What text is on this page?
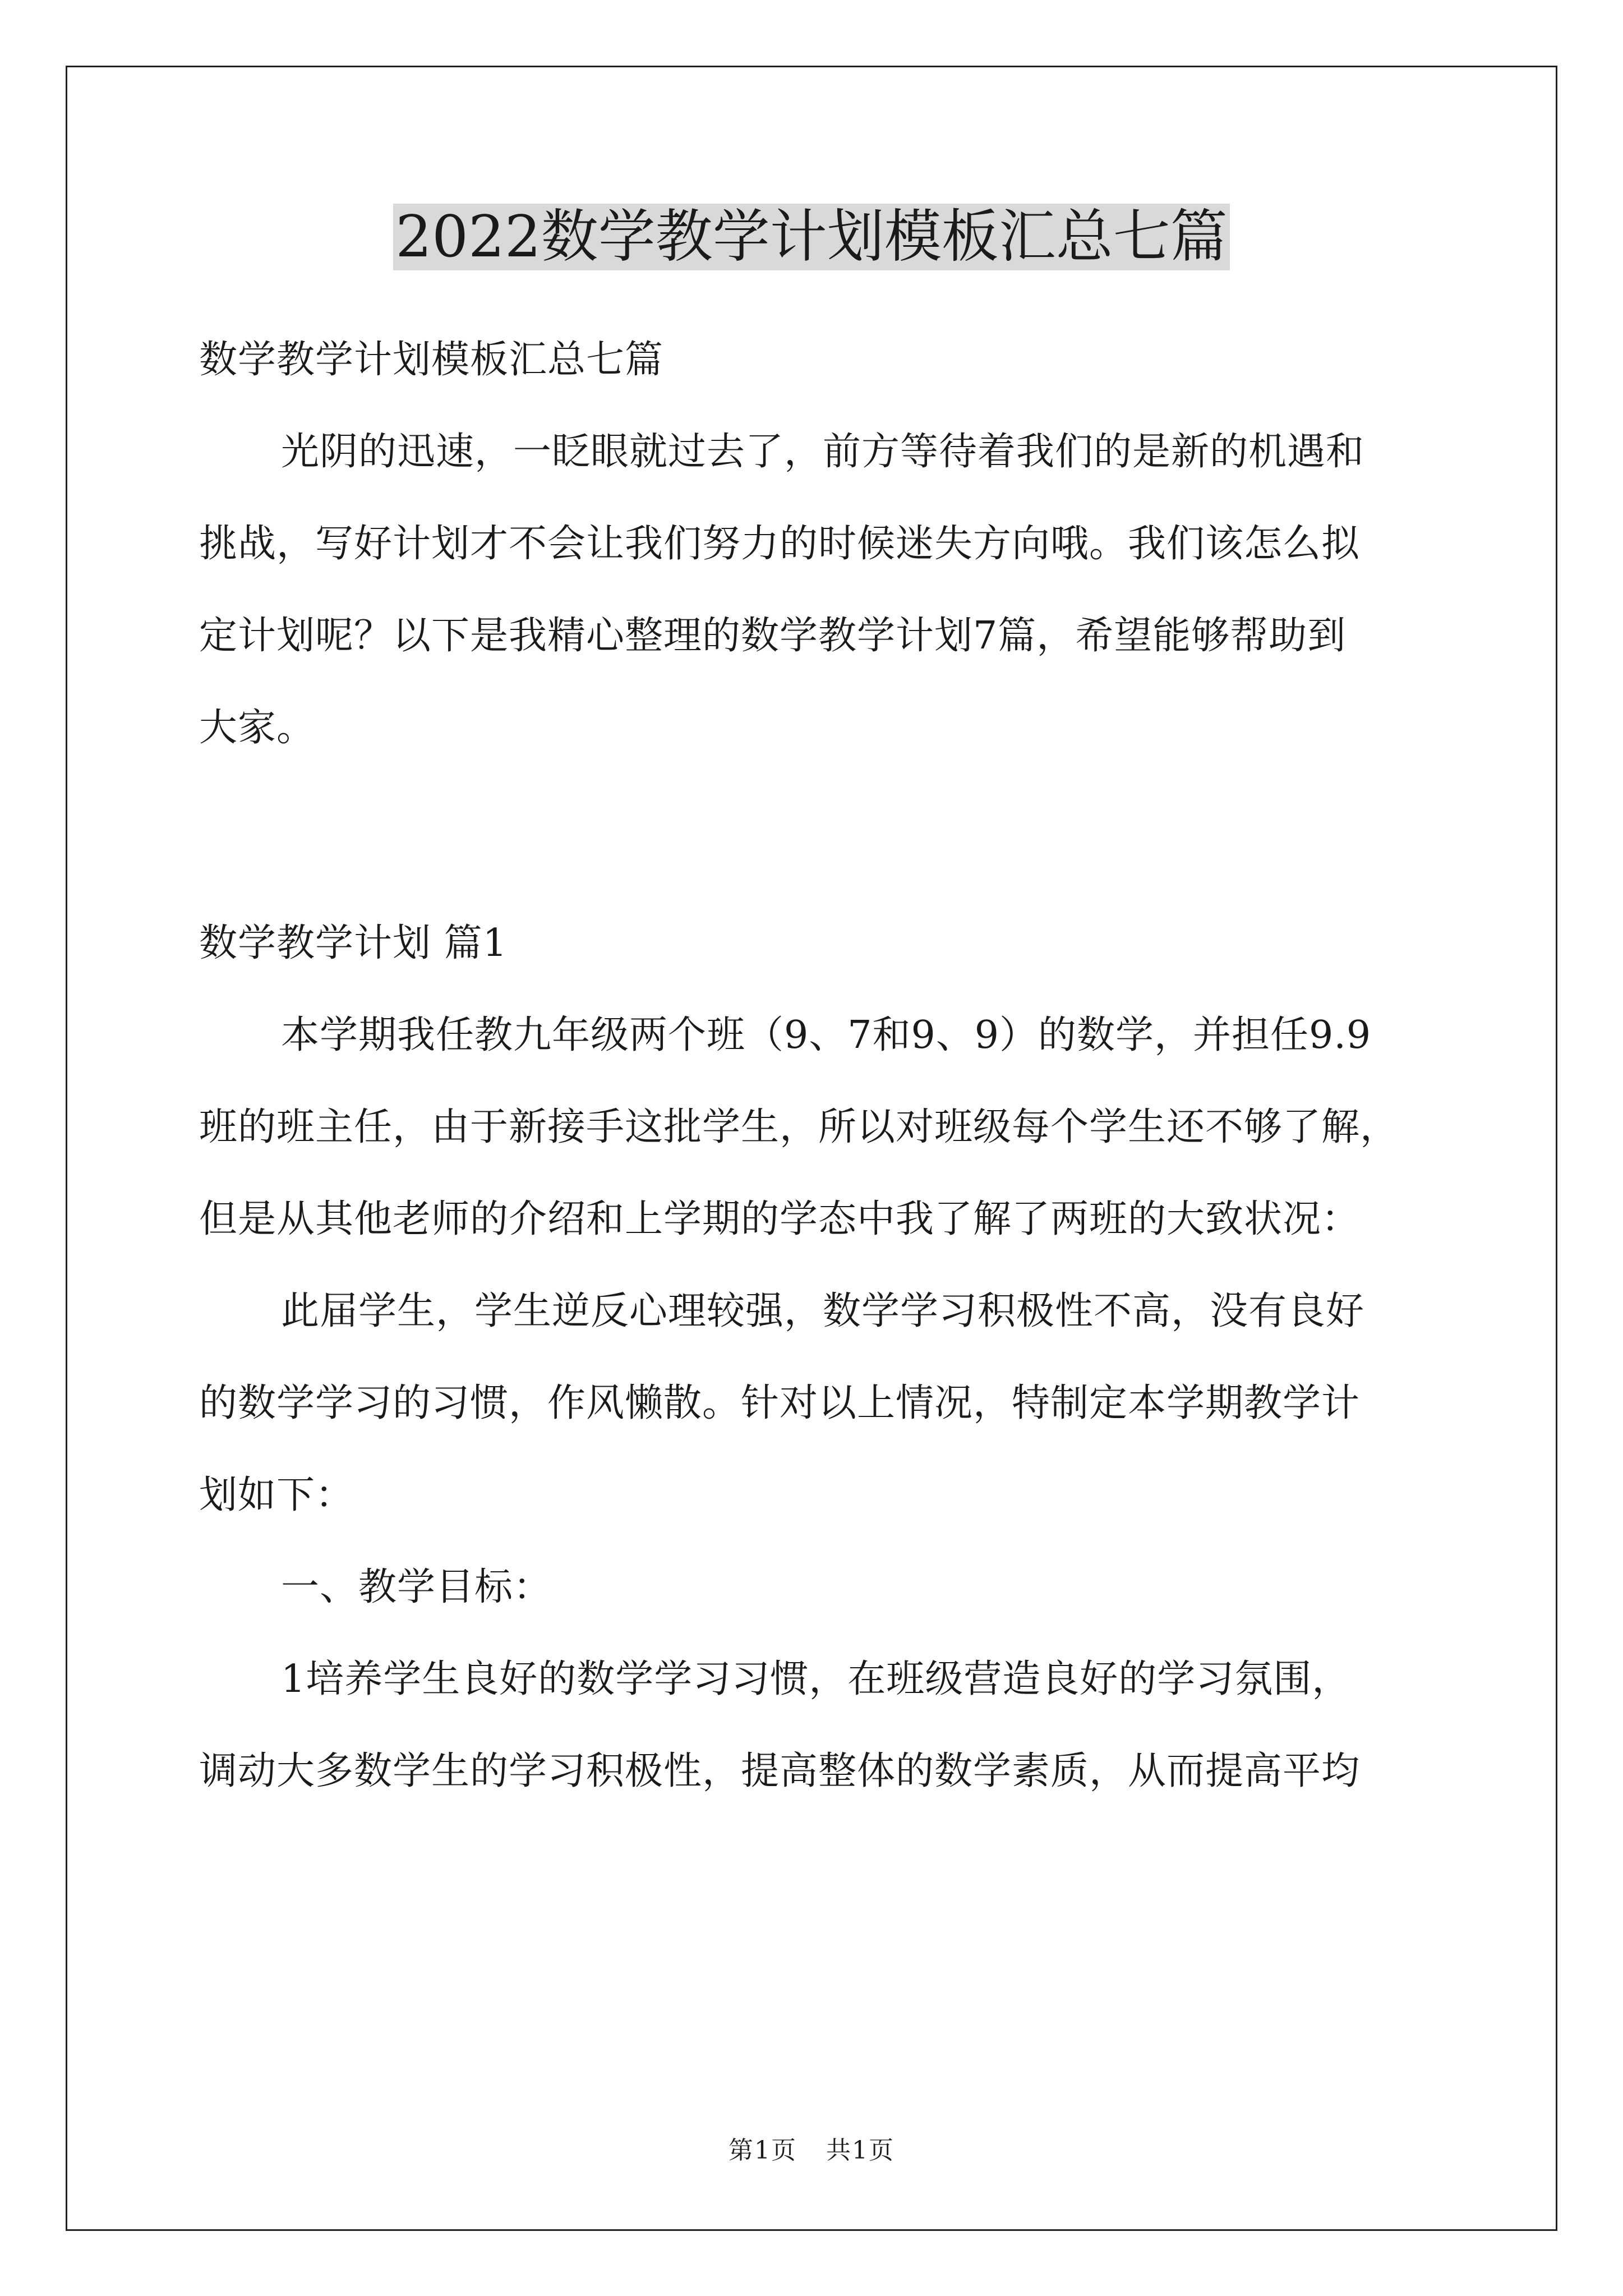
2022数学教学计划模板汇总七篇

数学教学计划模板汇总七篇

光阴的迅速，一眨眼就过去了，前方等待着我们的是新的机遇和

挑战，写好计划才不会让我们努力的时候迷失方向哦。我们该怎么拟

定计划呢？以下是我精心整理的数学教学计划7篇，希望能够帮助到

大家。

数学教学计划 篇1

本学期我任教九年级两个班（9、7和9、9）的数学，并担任9.9

班的班主任，由于新接手这批学生，所以对班级每个学生还不够了解，

但是从其他老师的介绍和上学期的学态中我了解了两班的大致状况：

此届学生，学生逆反心理较强，数学学习积极性不高，没有良好

的数学学习的习惯，作风懒散。针对以上情况，特制定本学期教学计

划如下：

一、教学目标：

1培养学生良好的数学学习习惯，在班级营造良好的学习氛围，

调动大多数学生的学习积极性，提高整体的数学素质，从而提高平均

第1页 共1页
